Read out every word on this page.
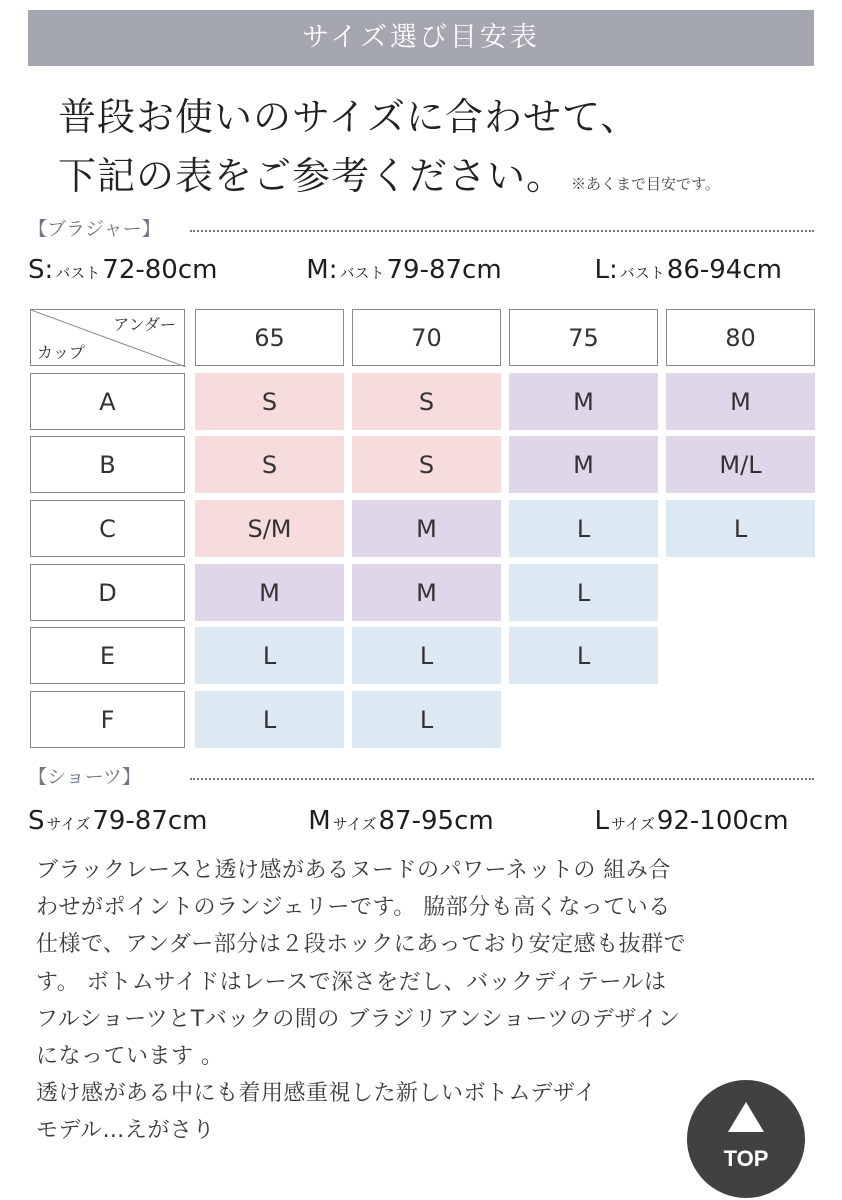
サイズ選び目安表
普段お使いのサイズに合わせて、
下記の表をご参考ください。 ※あくまで目安です。
【ブラジャー】
S: バスト72-80cm	M: バスト79-87cm	L: バスト86-94cm
アンダー
カップ
65	70	75	80
A	S	S	M	M
B	S	S	M	M/L
C	S/M	M	L	L
D	M	M	L
E	L	L	L
F	L	L
【ショーツ】
S サイズ79-87cm	M サイズ87-95cm	L サイズ92-100cm

ブラックレースと透け感があるヌードのパワーネットの 組み合

わせがポイントのランジェリーです。 脇部分も高くなっている

仕様で、アンダー部分は２段ホックにあっており安定感も抜群で

す。 ボトムサイドはレースで深さをだし、バックディテールは

フルショーツとTバックの間の ブラジリアンショーツのデザイン

になっています 。

透け感がある中にも着用感重視した新しいボトムデザイ

モデル…えがさり

TOP
